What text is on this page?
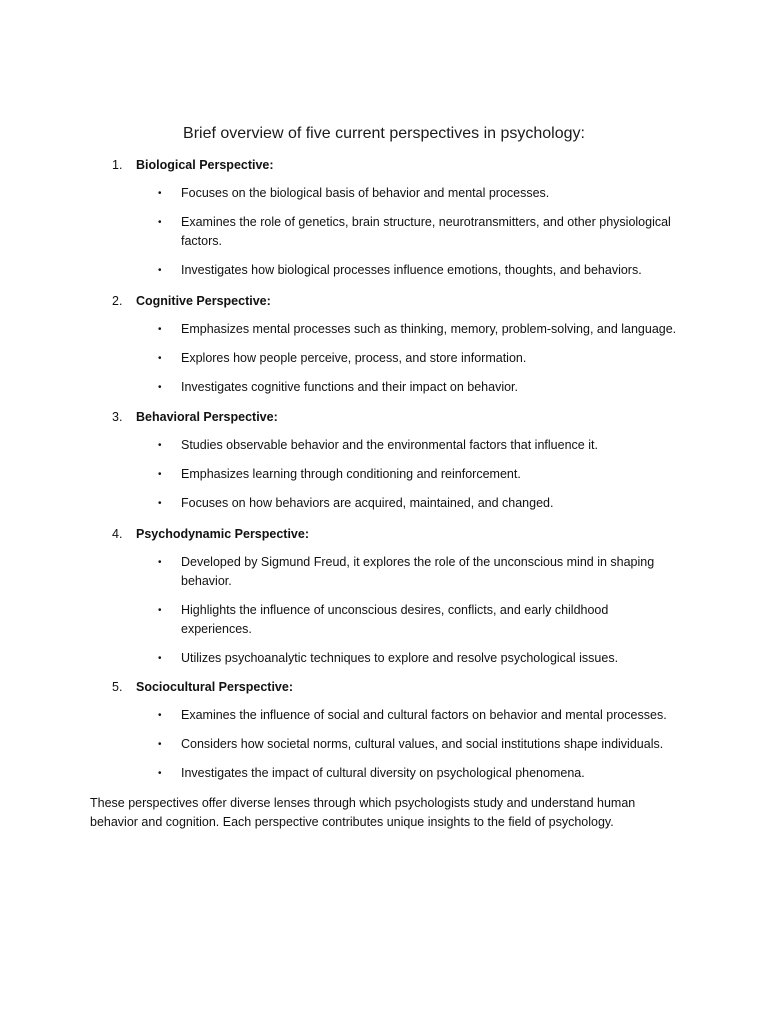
Brief overview of five current perspectives in psychology:
1.	Biological Perspective:
• Focuses on the biological basis of behavior and mental processes.
• Examines the role of genetics, brain structure, neurotransmitters, and other physiological factors.
• Investigates how biological processes influence emotions, thoughts, and behaviors.
2.	Cognitive Perspective:
• Emphasizes mental processes such as thinking, memory, problem-solving, and language.
• Explores how people perceive, process, and store information.
• Investigates cognitive functions and their impact on behavior.
3.	Behavioral Perspective:
• Studies observable behavior and the environmental factors that influence it.
• Emphasizes learning through conditioning and reinforcement.
• Focuses on how behaviors are acquired, maintained, and changed.
4.	Psychodynamic Perspective:
• Developed by Sigmund Freud, it explores the role of the unconscious mind in shaping behavior.
• Highlights the influence of unconscious desires, conflicts, and early childhood experiences.
• Utilizes psychoanalytic techniques to explore and resolve psychological issues.
5.	Sociocultural Perspective:
• Examines the influence of social and cultural factors on behavior and mental processes.
• Considers how societal norms, cultural values, and social institutions shape individuals.
• Investigates the impact of cultural diversity on psychological phenomena.
These perspectives offer diverse lenses through which psychologists study and understand human behavior and cognition. Each perspective contributes unique insights to the field of psychology.
